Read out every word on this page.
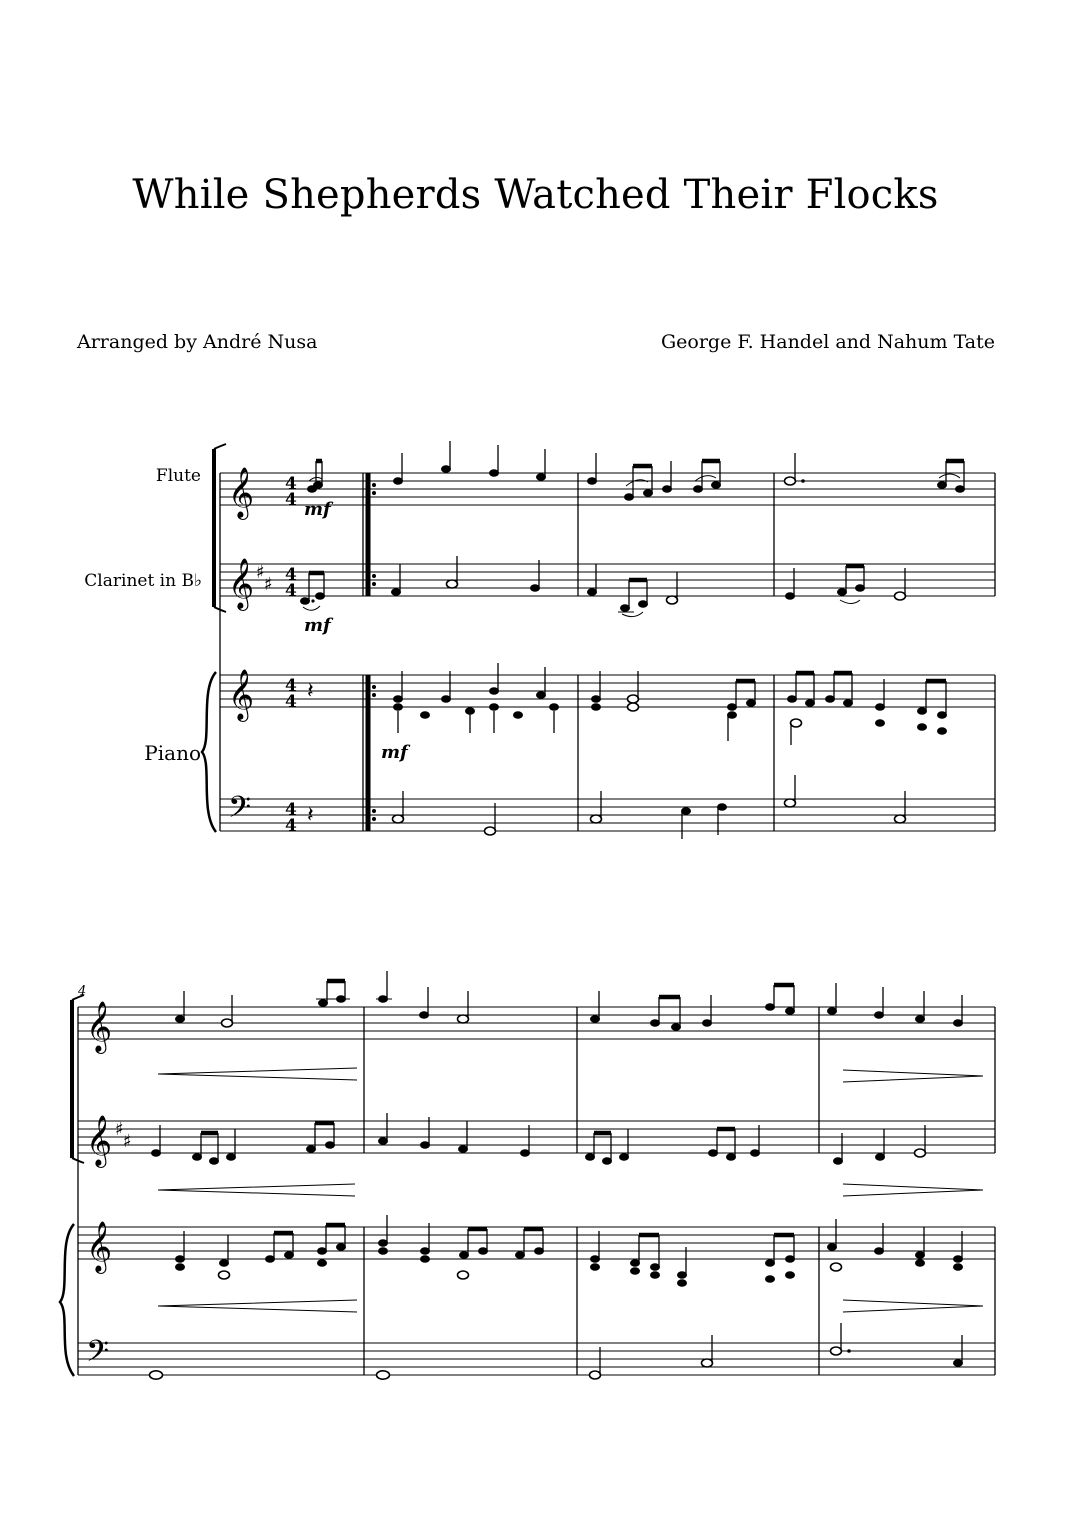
While Shepherds Watched Their Flocks
Arranged by André Nusa	George F. Handel and Nahum Tate
Flute
Clarinet in B♭
Piano
𝄞
𝄞
𝄞
𝄢
♯
♯
4
4
4
4
4
4
4
4
mf
mf
mf
𝄽
𝄽
4
𝄞
𝄞
𝄞
𝄢
♯
♯
